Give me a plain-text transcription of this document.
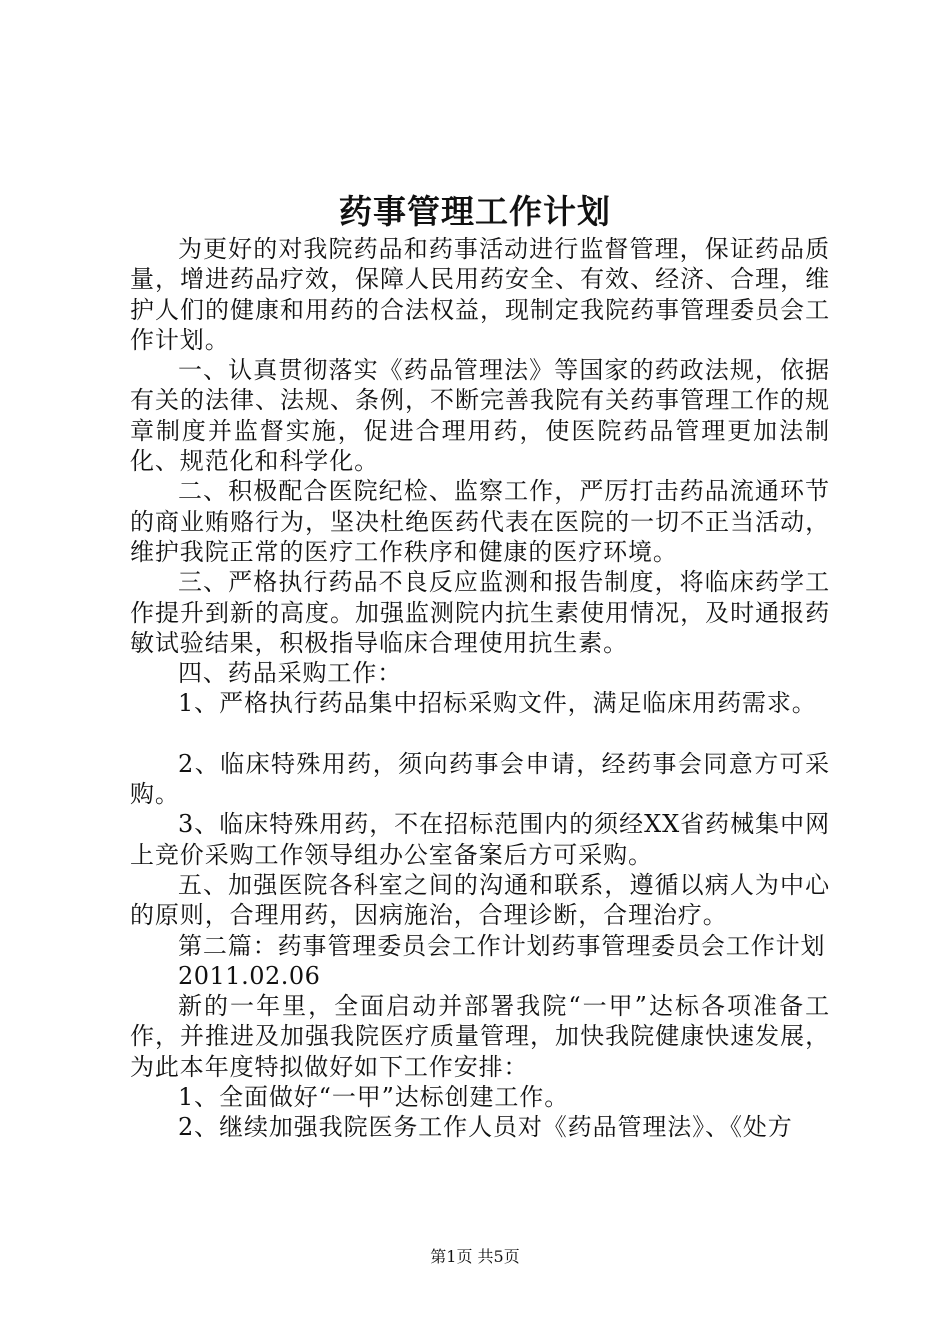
药事管理工作计划

为更好的对我院药品和药事活动进行监督管理，保证药品质量，增进药品疗效，保障人民用药安全、有效、经济、合理，维护人们的健康和用药的合法权益，现制定我院药事管理委员会工作计划。

一、认真贯彻落实《药品管理法》等国家的药政法规，依据有关的法律、法规、条例，不断完善我院有关药事管理工作的规章制度并监督实施，促进合理用药，使医院药品管理更加法制化、规范化和科学化。

二、积极配合医院纪检、监察工作，严厉打击药品流通环节的商业贿赂行为，坚决杜绝医药代表在医院的一切不正当活动，维护我院正常的医疗工作秩序和健康的医疗环境。

三、严格执行药品不良反应监测和报告制度，将临床药学工作提升到新的高度。加强监测院内抗生素使用情况，及时通报药敏试验结果，积极指导临床合理使用抗生素。

四、药品采购工作：

1、严格执行药品集中招标采购文件，满足临床用药需求。

2、临床特殊用药，须向药事会申请，经药事会同意方可采购。

3、临床特殊用药，不在招标范围内的须经XX省药械集中网上竞价采购工作领导组办公室备案后方可采购。

五、加强医院各科室之间的沟通和联系，遵循以病人为中心的原则，合理用药，因病施治，合理诊断，合理治疗。

第二篇：药事管理委员会工作计划药事管理委员会工作计划

2011.02.06

新的一年里，全面启动并部署我院“一甲”达标各项准备工作，并推进及加强我院医疗质量管理，加快我院健康快速发展，为此本年度特拟做好如下工作安排：

1、全面做好“一甲”达标创建工作。

2、继续加强我院医务工作人员对《药品管理法》、《处方

第1页 共5页
